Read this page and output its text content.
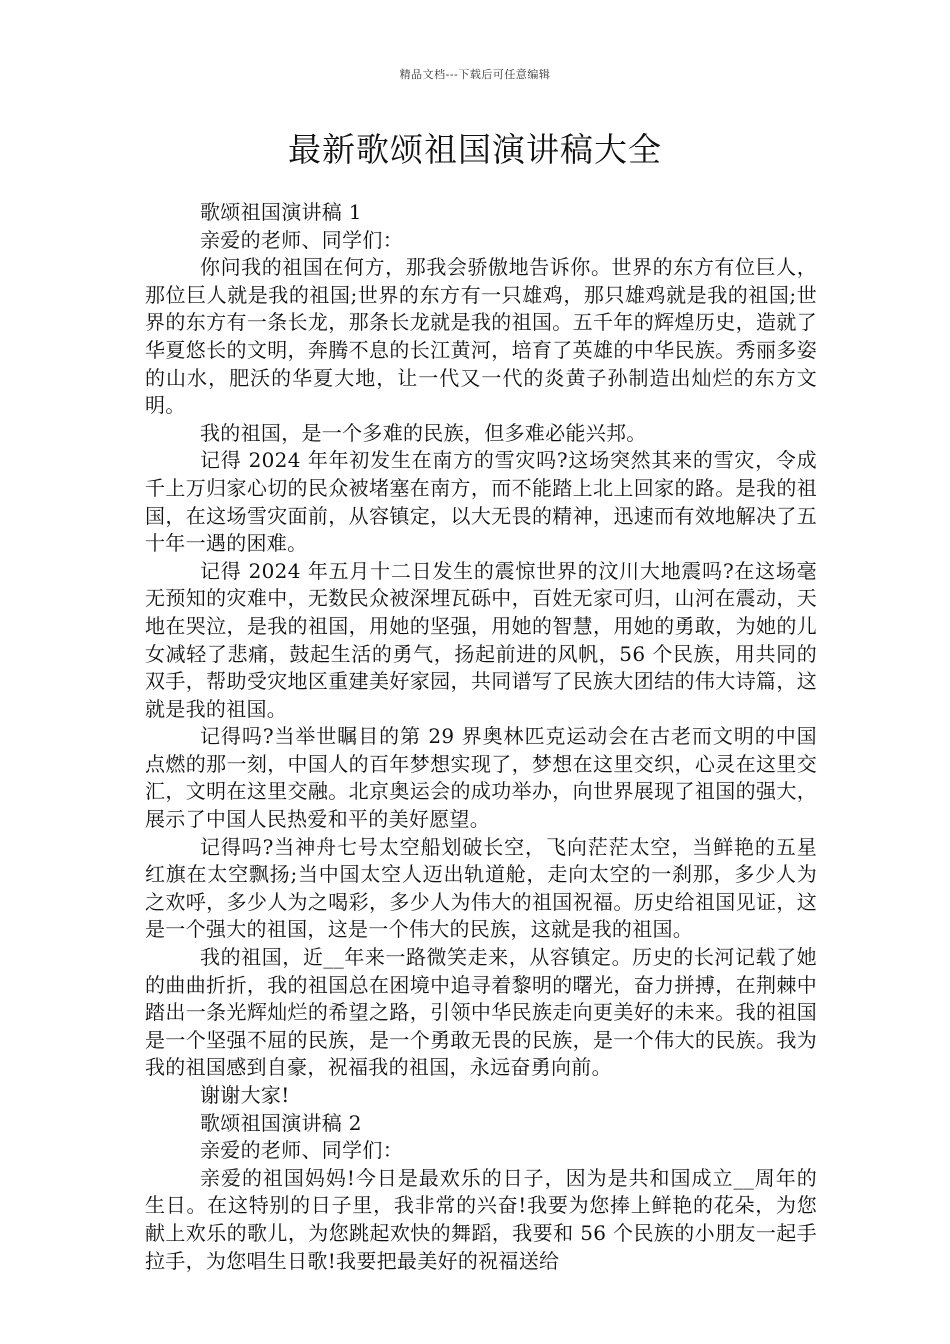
精品文档---下载后可任意编辑
最新歌颂祖国演讲稿大全

歌颂祖国演讲稿 1

亲爱的老师、同学们：

你问我的祖国在何方，那我会骄傲地告诉你。世界的东方有位巨人，那位巨人就是我的祖国;世界的东方有一只雄鸡，那只雄鸡就是我的祖国;世界的东方有一条长龙，那条长龙就是我的祖国。五千年的辉煌历史，造就了华夏悠长的文明，奔腾不息的长江黄河，培育了英雄的中华民族。秀丽多姿的山水，肥沃的华夏大地，让一代又一代的炎黄子孙制造出灿烂的东方文明。

我的祖国，是一个多难的民族，但多难必能兴邦。

记得 2024 年年初发生在南方的雪灾吗?这场突然其来的雪灾，令成千上万归家心切的民众被堵塞在南方，而不能踏上北上回家的路。是我的祖国，在这场雪灾面前，从容镇定，以大无畏的精神，迅速而有效地解决了五十年一遇的困难。

记得 2024 年五月十二日发生的震惊世界的汶川大地震吗?在这场毫无预知的灾难中，无数民众被深埋瓦砾中，百姓无家可归，山河在震动，天地在哭泣，是我的祖国，用她的坚强，用她的智慧，用她的勇敢，为她的儿女减轻了悲痛，鼓起生活的勇气，扬起前进的风帆，56 个民族，用共同的双手，帮助受灾地区重建美好家园，共同谱写了民族大团结的伟大诗篇，这就是我的祖国。

记得吗?当举世瞩目的第 29 界奥林匹克运动会在古老而文明的中国点燃的那一刻，中国人的百年梦想实现了，梦想在这里交织，心灵在这里交汇，文明在这里交融。北京奥运会的成功举办，向世界展现了祖国的强大，展示了中国人民热爱和平的美好愿望。

记得吗?当神舟七号太空船划破长空，飞向茫茫太空，当鲜艳的五星红旗在太空飘扬;当中国太空人迈出轨道舱，走向太空的一刹那，多少人为之欢呼，多少人为之喝彩，多少人为伟大的祖国祝福。历史给祖国见证，这是一个强大的祖国，这是一个伟大的民族，这就是我的祖国。

我的祖国，近__年来一路微笑走来，从容镇定。历史的长河记载了她的曲曲折折，我的祖国总在困境中追寻着黎明的曙光，奋力拼搏，在荆棘中踏出一条光辉灿烂的希望之路，引领中华民族走向更美好的未来。我的祖国是一个坚强不屈的民族，是一个勇敢无畏的民族，是一个伟大的民族。我为我的祖国感到自豪，祝福我的祖国，永远奋勇向前。

谢谢大家!

歌颂祖国演讲稿 2

亲爱的老师、同学们：

亲爱的祖国妈妈!今日是最欢乐的日子，因为是共和国成立__周年的生日。在这特别的日子里，我非常的兴奋!我要为您捧上鲜艳的花朵，为您献上欢乐的歌儿，为您跳起欢快的舞蹈，我要和 56 个民族的小朋友一起手拉手，为您唱生日歌!我要把最美好的祝福送给
